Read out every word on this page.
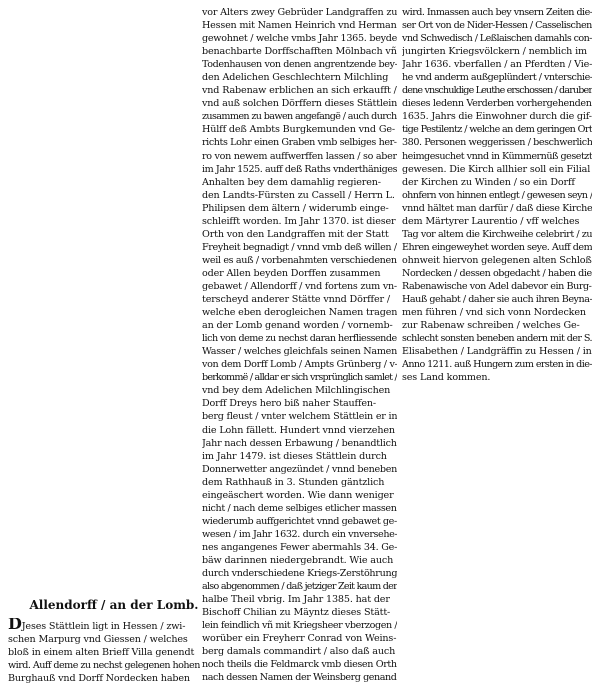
vor Alters zwey Gebrüder Landgraffen zu
Hessen mit Namen Heinrich vnd Herman
gewohnet / welche vmbs Jahr 1365. beyde
benachbarte Dorffschafften Mölnbach vñ
Todenhausen von denen angrentzende bey-
den Adelichen Geschlechtern Milchling
vnd Rabenaw erblichen an sich erkaufft /
vnd auß solchen Dörffern dieses Stättlein
zusammen zu bawen angefangë / auch durch
Hülff deß Ambts Burgkemunden vnd Ge-
richts Lohr einen Graben vmb selbiges her-
ro von newem auffwerffen lassen / so aber
im Jahr 1525. auff deß Raths vnderthäniges
Anhalten bey dem damahlig regieren-
den Landts-Fürsten zu Cassell / Herrn L.
Philipsen dem ältern / widerumb einge-
schleifft worden. Im Jahr 1370. ist dieser
Orth von den Landgraffen mit der Statt
Freyheit begnadigt / vnnd vmb deß willen /
weil es auß / vorbenahmten verschiedenen
oder Allen beyden Dorffen zusammen
gebawet / Allendorff / vnd fortens zum vn-
terscheyd anderer Stätte vnnd Dörffer /
welche eben derogleichen Namen tragen
an der Lomb genand worden / vornemb-
lich von deme zu nechst daran herfliessende
Wasser / welches gleichfals seinen Namen
von dem Dorff Lomb / Ampts Grünberg / v-
berkommë / alldar er sich vrsprünglich samlet /
vnd bey dem Adelichen Milchlingischen
Dorff Dreys hero biß naher Stauffen-
berg fleust / vnter welchem Stättlein er in
die Lohn fällett. Hundert vnnd vierzehen
Jahr nach dessen Erbawung / benandtlich
im Jahr 1479. ist dieses Stättlein durch
Donnerwetter angezündet / vnnd beneben
dem Rathhauß in 3. Stunden gäntzlich
eingeäschert worden. Wie dann weniger
nicht / nach deme selbiges etlicher massen
wiederumb auffgerichtet vnnd gebawet ge-
wesen / im Jahr 1632. durch ein vnversehe-
nes angangenes Fewer abermahls 34. Ge-
bäw darinnen niedergebrandt. Wie auch
durch vnderschiedene Kriegs-Zerstöhrung
also abgenommen / daß jetziger Zeit kaum der
halbe Theil vbrig. Im Jahr 1385. hat der
Bischoff Chilian zu Mäyntz dieses Stätt-
lein feindlich vñ mit Kriegsheer vberzogen /
worüber ein Freyherr Conrad von Weins-
berg damals commandirt / also daß auch
noch theils die Feldmarck vmb diesen Orth
nach dessen Namen der Weinsberg genand
wird. Inmassen auch bey vnsern Zeiten die-
ser Ort von de Nider-Hessen / Casselischen
vnd Schwedisch / Leßlaischen damahls con-
jungirten Kriegsvölckern / nemblich im
Jahr 1636. vberfallen / an Pferdten / Vie-
he vnd anderm außgeplündert / vnterschie-
dene vnschuldige Leuthe erschossen / daruber
dieses ledenn Verderben vorhergehenden
1635. Jahrs die Einwohner durch die gif-
tige Pestilentz / welche an dem geringen Ort
380. Personen weggerissen / beschwerlich
heimgesuchet vnnd in Kümmernüß gesetzt
gewesen. Die Kirch allhier soll ein Filial
der Kirchen zu Winden / so ein Dorff
ohnfern von hinnen entlegt / gewesen seyn /
vnnd hältet man darfür / daß diese Kirche
dem Märtyrer Laurentio / vff welches
Tag vor altem die Kirchweihe celebrirt / zu
Ehren eingeweyhet worden seye. Auff dem
ohnweit hiervon gelegenen alten Schloß
Nordecken / dessen obgedacht / haben die
Rabenawische von Adel dabevor ein Burg-
Hauß gehabt / daher sie auch ihren Beyna-
men führen / vnd sich vonn Nordecken
zur Rabenaw schreiben / welches Ge-
schlecht sonsten beneben andern mit der S.
Elisabethen / Landgräffin zu Hessen / in
Anno 1211. auß Hungern zum ersten in die-
ses Land kommen.
Allendorff / an der Lomb.
DJeses Stättlein ligt in Hessen / zwi-
schen Marpurg vnd Giessen / welches
bloß in einem alten Brieff Villa genendt
wird. Auff deme zu nechst gelegenen hohen
Burghauß vnd Dorff Nordecken haben
